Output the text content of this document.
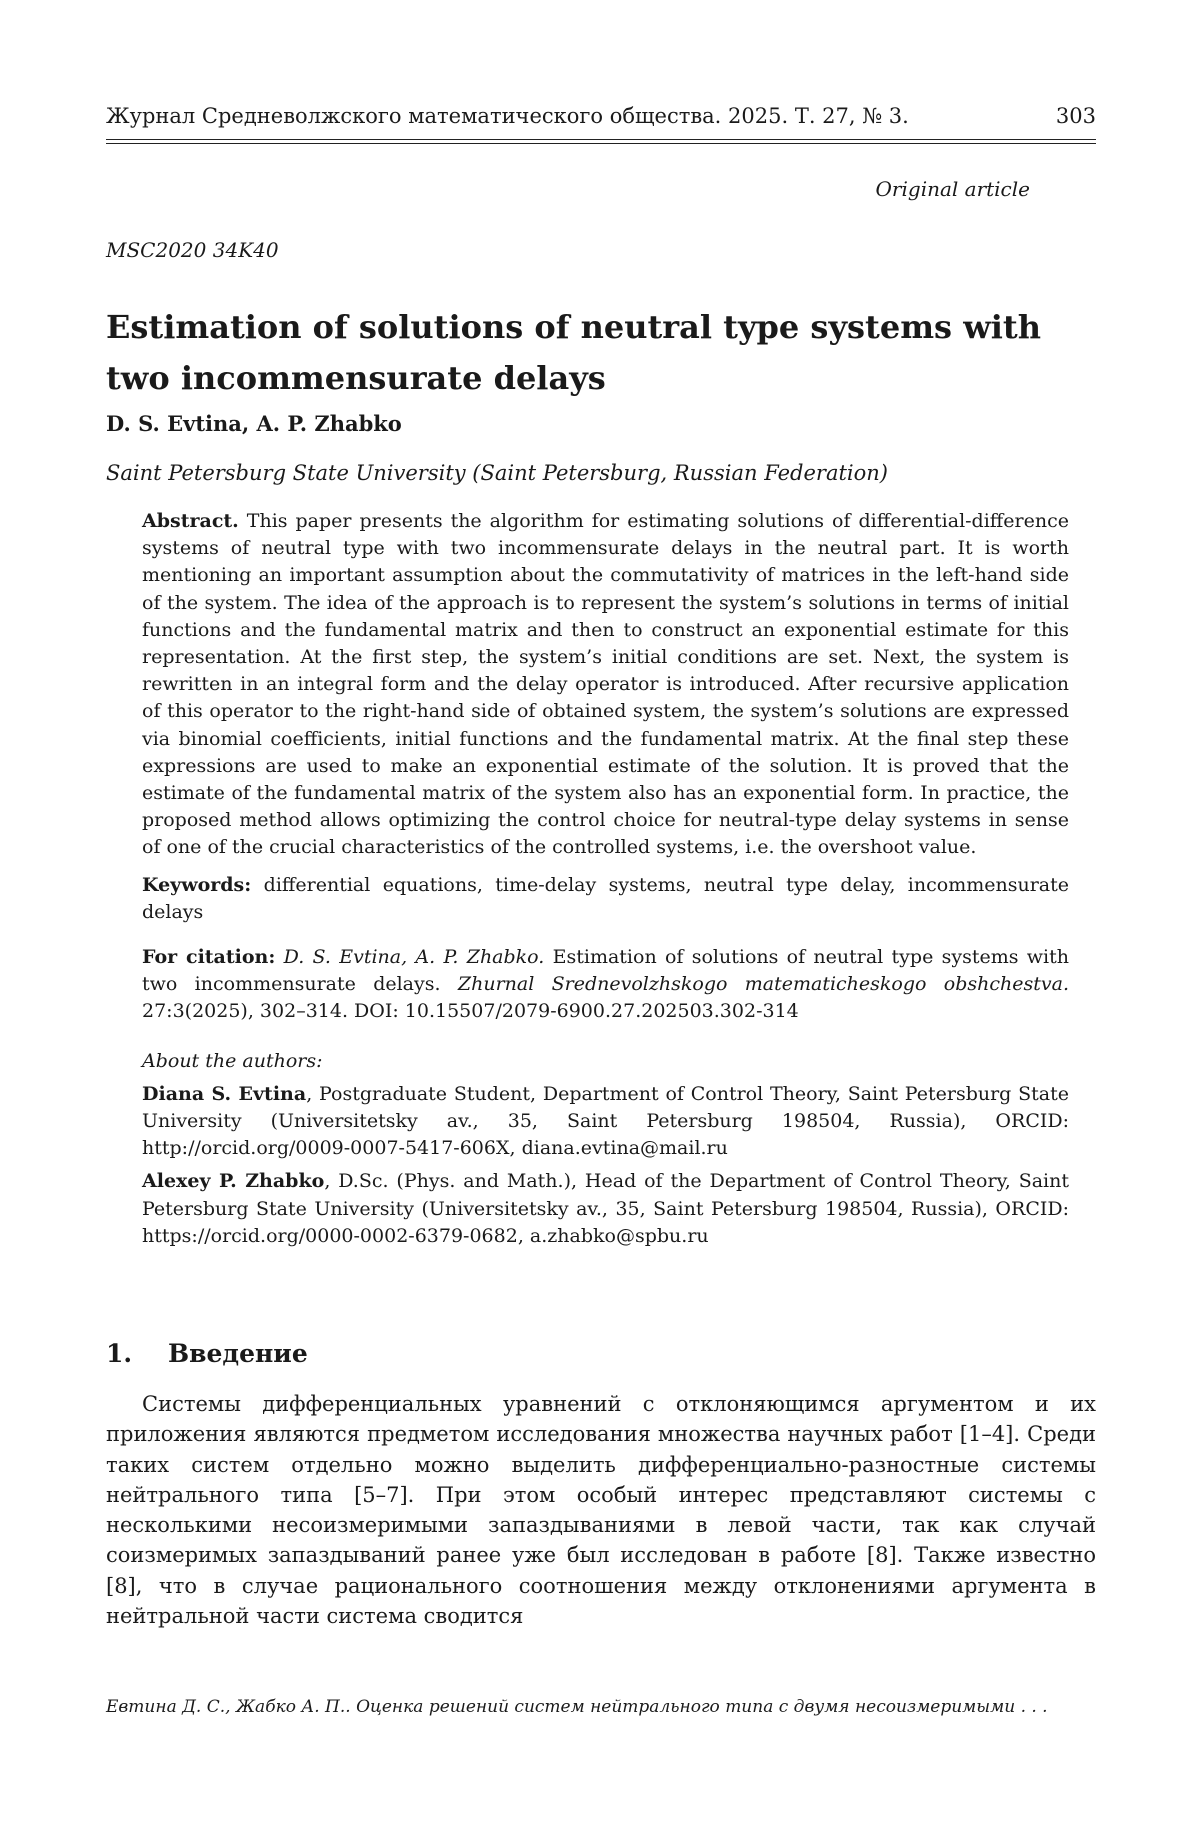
Журнал Средневолжского математического общества. 2025. Т. 27, № 3.	303
Original article
MSC2020 34K40
Estimation of solutions of neutral type systems with two incommensurate delays
D. S. Evtina, A. P. Zhabko
Saint Petersburg State University (Saint Petersburg, Russian Federation)

Abstract. This paper presents the algorithm for estimating solutions of differential-difference systems of neutral type with two incommensurate delays in the neutral part. It is worth mentioning an important assumption about the commutativity of matrices in the left-hand side of the system. The idea of the approach is to represent the system’s solutions in terms of initial functions and the fundamental matrix and then to construct an exponential estimate for this representation. At the first step, the system’s initial conditions are set. Next, the system is rewritten in an integral form and the delay operator is introduced. After recursive application of this operator to the right-hand side of obtained system, the system’s solutions are expressed via binomial coefficients, initial functions and the fundamental matrix. At the final step these expressions are used to make an exponential estimate of the solution. It is proved that the estimate of the fundamental matrix of the system also has an exponential form. In practice, the proposed method allows optimizing the control choice for neutral-type delay systems in sense of one of the crucial characteristics of the controlled systems, i.e. the overshoot value.

Keywords: differential equations, time-delay systems, neutral type delay, incommensurate delays

For citation: D. S. Evtina, A. P. Zhabko. Estimation of solutions of neutral type systems with two incommensurate delays. Zhurnal Srednevolzhskogo matematicheskogo obshchestva. 27:3(2025), 302–314. DOI: 10.15507/2079-6900.27.202503.302-314

About the authors:

Diana S. Evtina, Postgraduate Student, Department of Control Theory, Saint Petersburg State University (Universitetsky av., 35, Saint Petersburg 198504, Russia), ORCID: http://orcid.org/0009-0007-5417-606X, diana.evtina@mail.ru

Alexey P. Zhabko, D.Sc. (Phys. and Math.), Head of the Department of Control Theory, Saint Petersburg State University (Universitetsky av., 35, Saint Petersburg 198504, Russia), ORCID: https://orcid.org/0000-0002-6379-0682, a.zhabko@spbu.ru

1. Введение

Системы дифференциальных уравнений с отклоняющимся аргументом и их приложения являются предметом исследования множества научных работ [1–4]. Среди таких систем отдельно можно выделить дифференциально-разностные системы нейтрального типа [5–7]. При этом особый интерес представляют системы с несколькими несоизмеримыми запаздываниями в левой части, так как случай соизмеримых запаздываний ранее уже был исследован в работе [8]. Также известно [8], что в случае рационального соотношения между отклонениями аргумента в нейтральной части система сводится

Евтина Д. С., Жабко А. П.. Оценка решений систем нейтрального типа с двумя несоизмеримыми . . .
